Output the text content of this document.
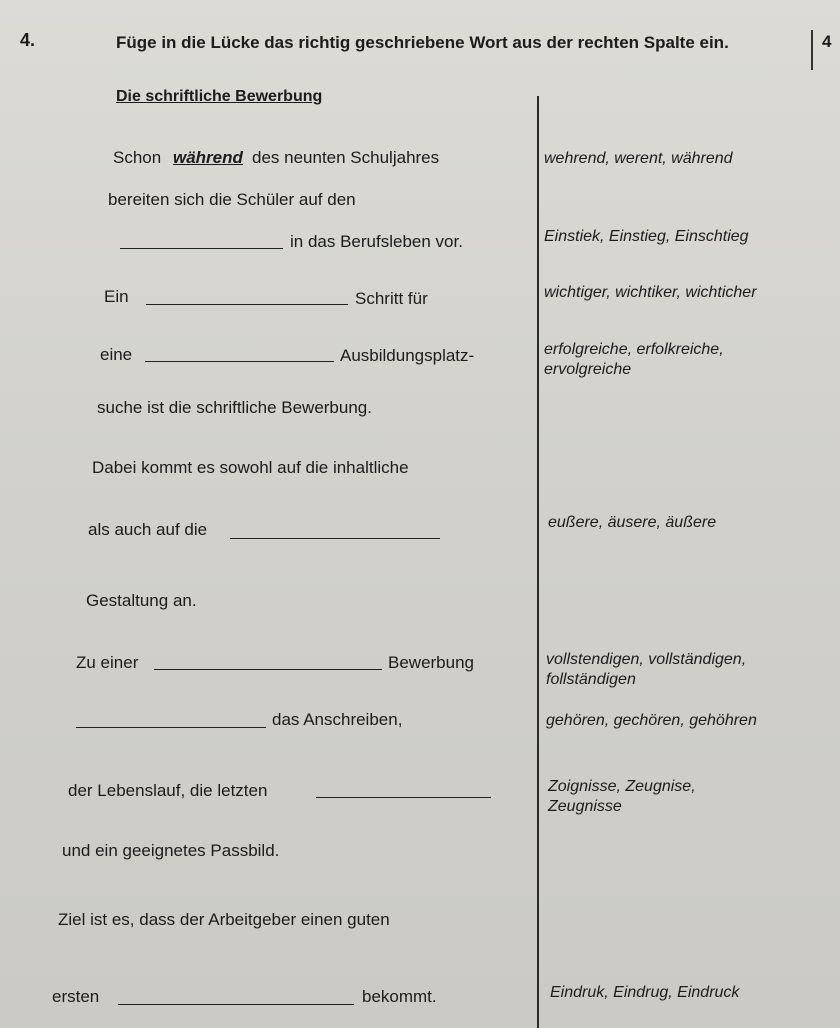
4.	Füge in die Lücke das richtig geschriebene Wort aus der rechten Spalte ein.	4
Die schriftliche Bewerbung
Schon während des neunten Schuljahres
bereiten sich die Schüler auf den
in das Berufsleben vor.
Ein	Schritt für
eine	Ausbildungsplatz-
suche ist die schriftliche Bewerbung.
Dabei kommt es sowohl auf die inhaltliche
als auch auf die
Gestaltung an.
Zu einer	Bewerbung
das Anschreiben,
der Lebenslauf, die letzten
und ein geeignetes Passbild.
Ziel ist es, dass der Arbeitgeber einen guten
ersten	bekommt.
wehrend, werent, während
Einstiek, Einstieg, Einschtieg
wichtiger, wichtiker, wichticher
erfolgreiche, erfolkreiche,
ervolgreiche
eußere, äusere, äußere
vollstendigen, vollständigen,
follständigen
gehören, gechören, gehöhren
Zoignisse, Zeugnise,
Zeugnisse
Eindruk, Eindrug, Eindruck
